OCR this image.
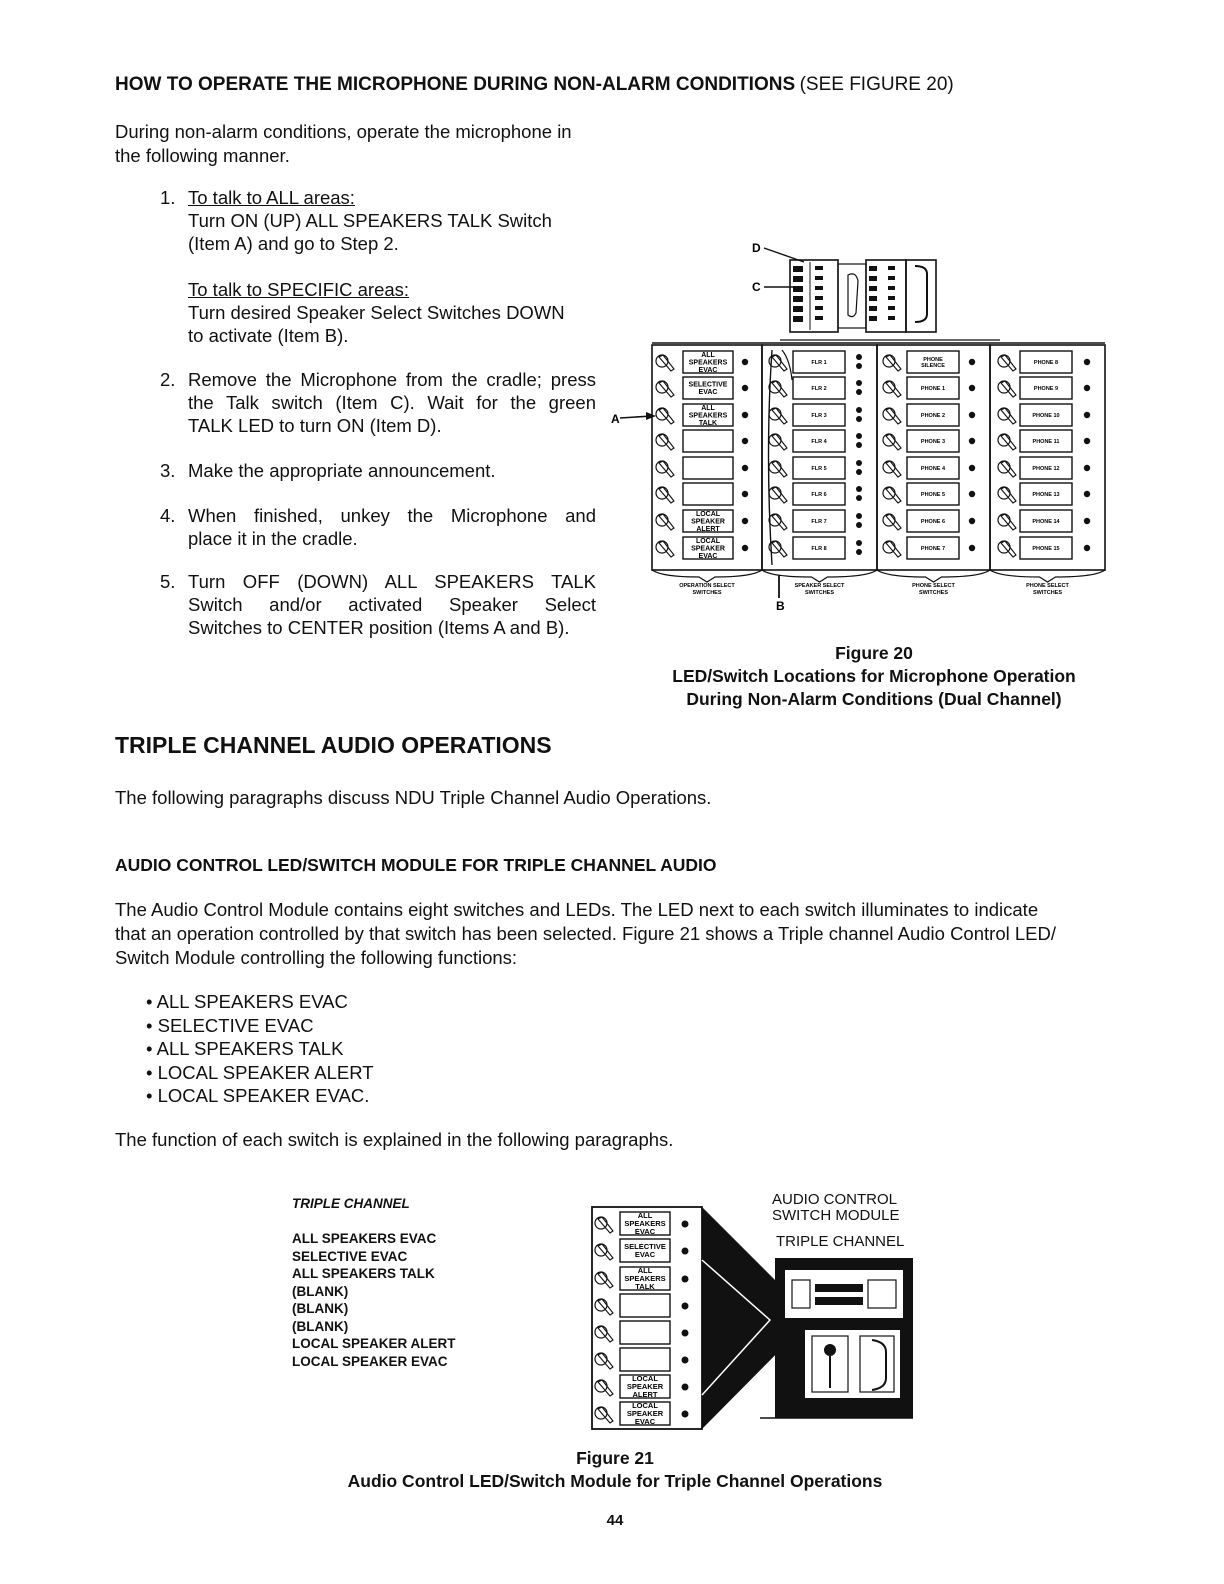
HOW TO OPERATE THE MICROPHONE DURING NON-ALARM CONDITIONS (SEE FIGURE 20)
During non-alarm conditions, operate the microphone in
the following manner.
1. To talk to ALL areas:
Turn ON (UP) ALL SPEAKERS TALK Switch
(Item A) and go to Step 2.
To talk to SPECIFIC areas:
Turn desired Speaker Select Switches DOWN
to activate (Item B).
2. Remove the Microphone from the cradle; press
the Talk switch (Item C). Wait for the green
TALK LED to turn ON (Item D).
3. Make the appropriate announcement.
4. When finished, unkey the Microphone and
place it in the cradle.
5. Turn OFF (DOWN) ALL SPEAKERS TALK
Switch and/or activated Speaker Select
Switches to CENTER position (Items A and B).
ALL
SPEAKERS
EVAC
SELECTIVE
EVAC
ALL
SPEAKERS
TALK
LOCAL
SPEAKER
ALERT
LOCAL
SPEAKER
EVAC
FLR 1
FLR 2
FLR 3
FLR 4
FLR 5
FLR 6
FLR 7
FLR 8
PHONE
SILENCE
PHONE 1
PHONE 2
PHONE 3
PHONE 4
PHONE 5
PHONE 6
PHONE 7
PHONE 8
PHONE 9
PHONE 10
PHONE 11
PHONE 12
PHONE 13
PHONE 14
PHONE 15
OPERATION SELECT
SWITCHES
SPEAKER SELECT
SWITCHES
PHONE SELECT
SWITCHES
PHONE SELECT
SWITCHES
A
B
C
D
Figure 20
LED/Switch Locations for Microphone Operation
During Non-Alarm Conditions (Dual Channel)
TRIPLE CHANNEL AUDIO OPERATIONS
The following paragraphs discuss NDU Triple Channel Audio Operations.
AUDIO CONTROL LED/SWITCH MODULE FOR TRIPLE CHANNEL AUDIO
The Audio Control Module contains eight switches and LEDs. The LED next to each switch illuminates to indicate
that an operation controlled by that switch has been selected. Figure 21 shows a Triple channel Audio Control LED/
Switch Module controlling the following functions:
• ALL SPEAKERS EVAC
• SELECTIVE EVAC
• ALL SPEAKERS TALK
• LOCAL SPEAKER ALERT
• LOCAL SPEAKER EVAC.
The function of each switch is explained in the following paragraphs.
TRIPLE CHANNEL
ALL SPEAKERS EVAC
SELECTIVE EVAC
ALL SPEAKERS TALK
(BLANK)
(BLANK)
(BLANK)
LOCAL SPEAKER ALERT
LOCAL SPEAKER EVAC
AUDIO CONTROL
SWITCH MODULE
TRIPLE CHANNEL
ALL
SPEAKERS
EVAC
SELECTIVE
EVAC
ALL
SPEAKERS
TALK
LOCAL
SPEAKER
ALERT
LOCAL
SPEAKER
EVAC
Figure 21
Audio Control LED/Switch Module for Triple Channel Operations
44
